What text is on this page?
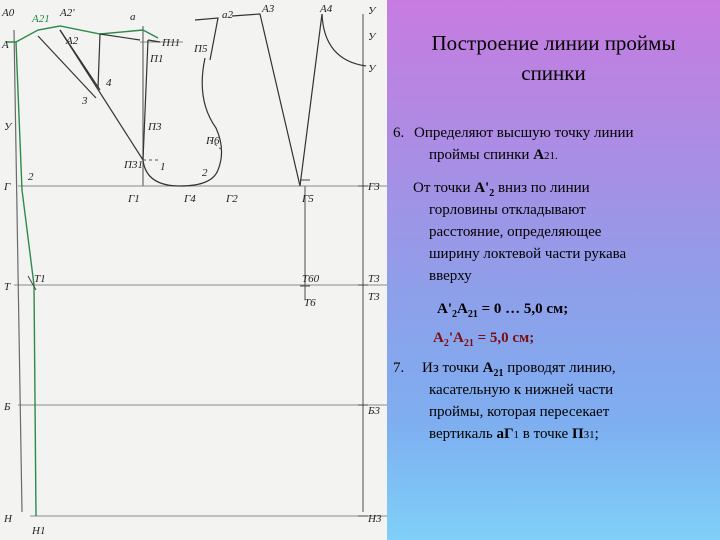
А0
А
А21 А2'
А2
а	а2	А3	А4	У
У
У
П11
П1
П5
П3
П6
П31
4
3
1	2
2
У
Г
Г1	Г4	Г2	Г5
Г3
Т
Т1	Т60
Т6
Т3
Т3
Б	Б3
Н
Н1
Н3
Построение линии проймы
спинки
6. Определяют высшую точку линии
проймы спинки А21.
От точки $А'_2$ вниз по линии
горловины откладывают
расстояние, определяющее
ширину локтевой части рукава
вверху
$А'_2А_{21} = 0$ … 5,0 см;
$А_2'А_{21} = 5,0$ см;
7. Из точки $А_{21}$ проводят линию,
касательную к нижней части
проймы, которая пересекает
вертикаль аГ1 в точке П31;
